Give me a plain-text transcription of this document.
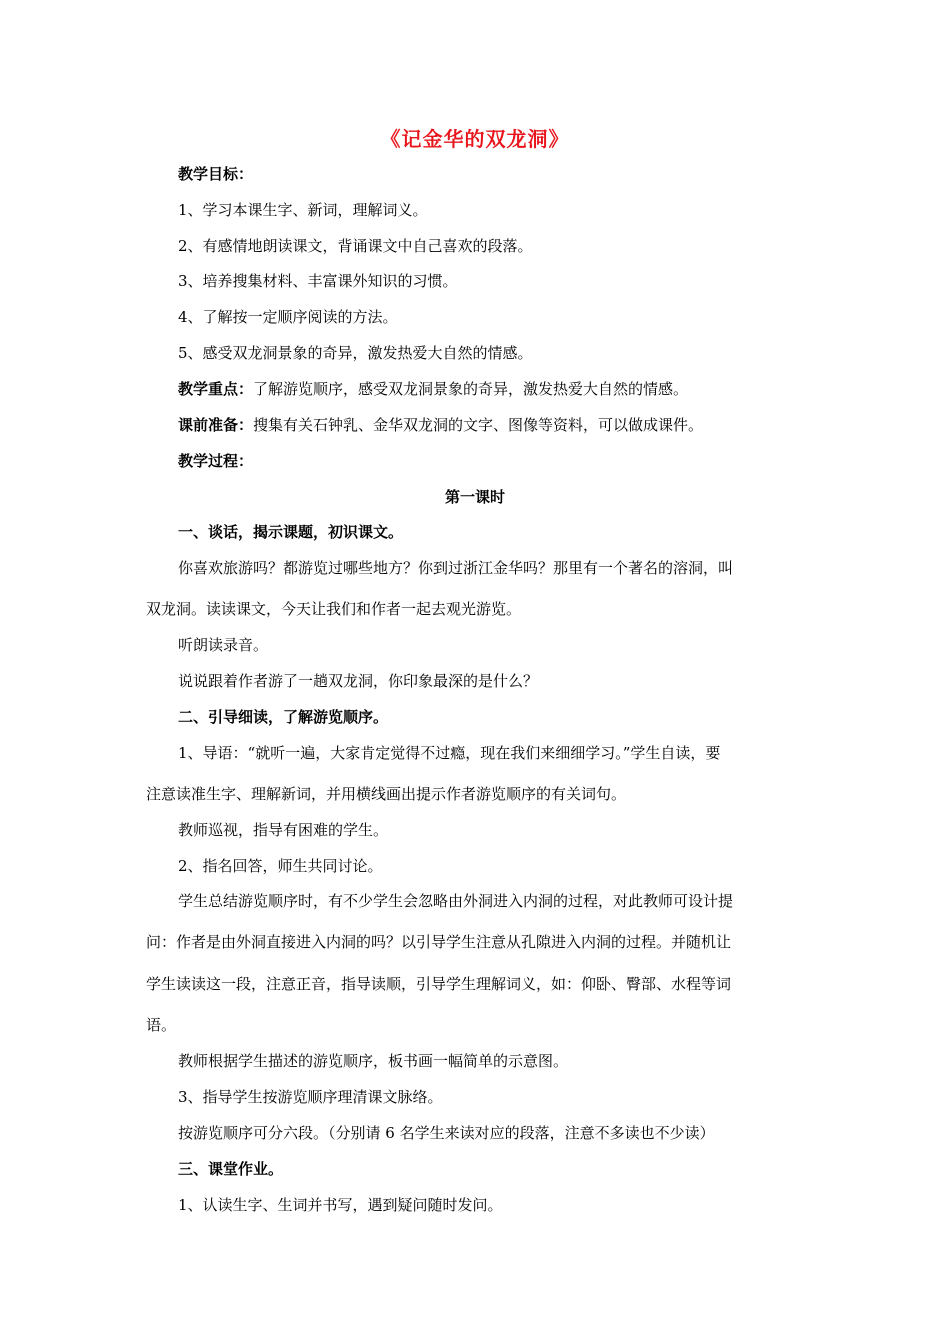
《记金华的双龙洞》
教学目标：
1、学习本课生字、新词，理解词义。
2、有感情地朗读课文，背诵课文中自己喜欢的段落。
3、培养搜集材料、丰富课外知识的习惯。
4、了解按一定顺序阅读的方法。
5、感受双龙洞景象的奇异，激发热爱大自然的情感。
教学重点：了解游览顺序，感受双龙洞景象的奇异，激发热爱大自然的情感。
课前准备：搜集有关石钟乳、金华双龙洞的文字、图像等资料，可以做成课件。
教学过程：
第一课时
一、谈话，揭示课题，初识课文。
你喜欢旅游吗？都游览过哪些地方？你到过浙江金华吗？那里有一个著名的溶洞，叫
双龙洞。读读课文，今天让我们和作者一起去观光游览。
听朗读录音。
说说跟着作者游了一趟双龙洞，你印象最深的是什么？
二、引导细读，了解游览顺序。
1、导语：“就听一遍，大家肯定觉得不过瘾，现在我们来细细学习。”学生自读，要
注意读准生字、理解新词，并用横线画出提示作者游览顺序的有关词句。
教师巡视，指导有困难的学生。
2、指名回答，师生共同讨论。
学生总结游览顺序时，有不少学生会忽略由外洞进入内洞的过程，对此教师可设计提
问：作者是由外洞直接进入内洞的吗？以引导学生注意从孔隙进入内洞的过程。并随机让
学生读读这一段，注意正音，指导读顺，引导学生理解词义，如：仰卧、臀部、水程等词
语。
教师根据学生描述的游览顺序，板书画一幅简单的示意图。
3、指导学生按游览顺序理清课文脉络。
按游览顺序可分六段。（分别请 6 名学生来读对应的段落，注意不多读也不少读）
三、课堂作业。
1、认读生字、生词并书写，遇到疑问随时发问。
